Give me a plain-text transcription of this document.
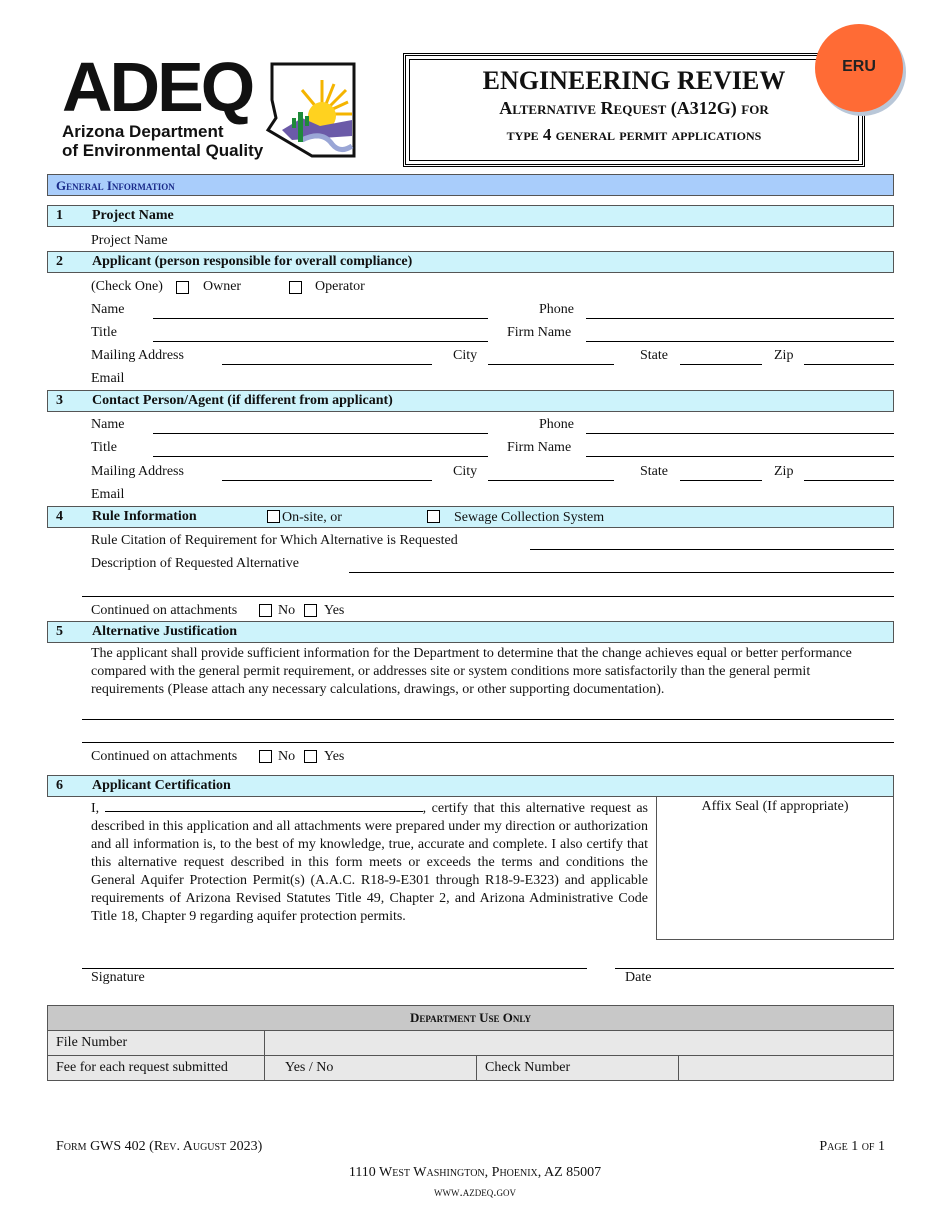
ADEQ
Arizona Department
of Environmental Quality
ENGINEERING REVIEW
Alternative Request (A312G) for
type 4 general permit applications
ERU
General Information
1 Project Name
Project Name
2 Applicant (person responsible for overall compliance)
(Check One)	Owner	Operator
Name	Phone
Title	Firm Name
Mailing Address	City	State	Zip
Email
3 Contact Person/Agent (if different from applicant)
Name	Phone
Title	Firm Name
Mailing Address	City	State	Zip
Email
4 Rule Information	On-site, or	Sewage Collection System
Rule Citation of Requirement for Which Alternative is Requested
Description of Requested Alternative
Continued on attachments	No Yes
5 Alternative Justification
The applicant shall provide sufficient information for the Department to determine that the change achieves equal or better performance compared with the general permit requirement, or addresses site or system conditions more satisfactorily than the general permit requirements (Please attach any necessary calculations, drawings, or other supporting documentation).
Continued on attachments	No Yes
6 Applicant Certification
Affix Seal (If appropriate)
I,	, certify that this alternative request as described in this application and all attachments were prepared under my direction or authorization and all information is, to the best of my knowledge, true, accurate and complete. I also certify that this alternative request described in this form meets or exceeds the terms and conditions the General Aquifer Protection Permit(s) (A.A.C. R18-9-E301 through R18-9-E323) and applicable requirements of Arizona Revised Statutes Title 49, Chapter 2, and Arizona Administrative Code Title 18, Chapter 9 regarding aquifer protection permits.
Signature	Date
Department Use Only			
File Number			
Fee for each request submitted	Yes / No	Check Number	
Form GWS 402 (Rev. August 2023)	Page 1 of 1
1110 West Washington, Phoenix, AZ 85007
www.azdeq.gov
